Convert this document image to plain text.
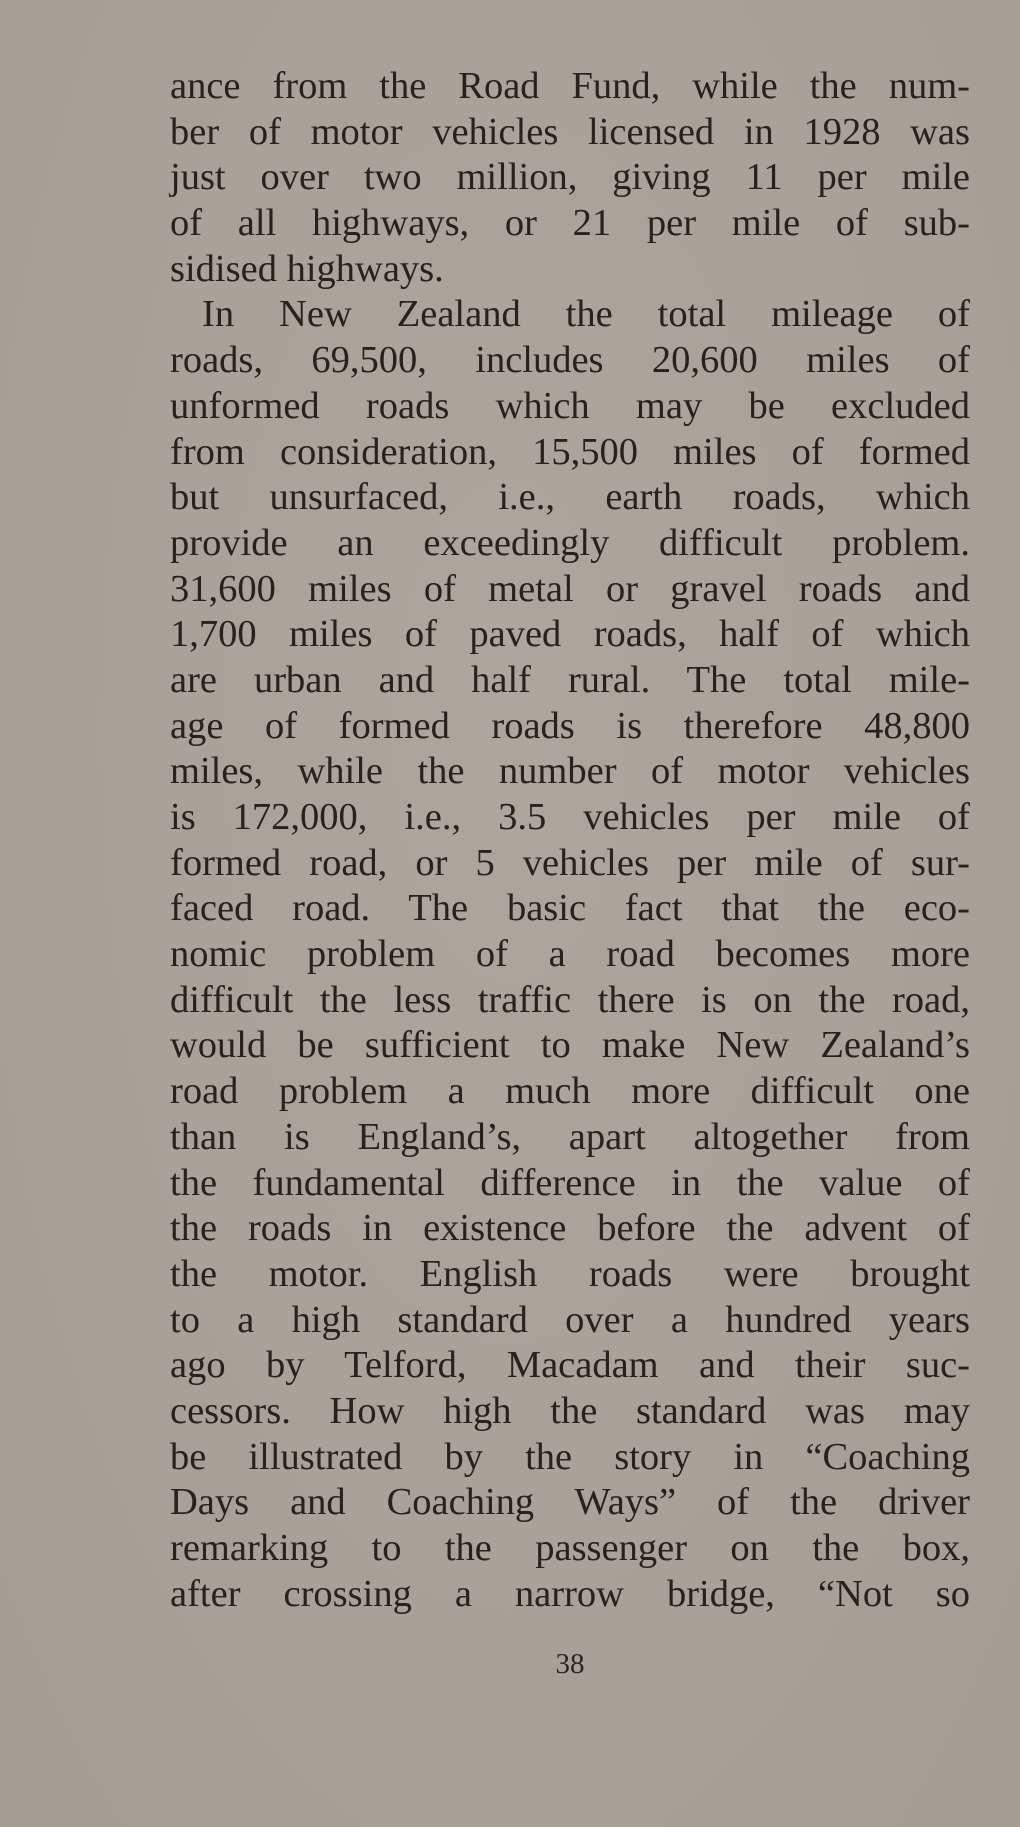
ance from the Road Fund, while the num-
ber of motor vehicles licensed in 1928 was
just over two million, giving 11 per mile
of all highways, or 21 per mile of sub-
sidised highways.
In New Zealand the total mileage of
roads, 69,500, includes 20,600 miles of
unformed roads which may be excluded
from consideration, 15,500 miles of formed
but unsurfaced, i.e., earth roads, which
provide an exceedingly difficult problem.
31,600 miles of metal or gravel roads and
1,700 miles of paved roads, half of which
are urban and half rural. The total mile-
age of formed roads is therefore 48,800
miles, while the number of motor vehicles
is 172,000, i.e., 3.5 vehicles per mile of
formed road, or 5 vehicles per mile of sur-
faced road. The basic fact that the eco-
nomic problem of a road becomes more
difficult the less traffic there is on the road,
would be sufficient to make New Zealand’s
road problem a much more difficult one
than is England’s, apart altogether from
the fundamental difference in the value of
the roads in existence before the advent of
the motor. English roads were brought
to a high standard over a hundred years
ago by Telford, Macadam and their suc-
cessors. How high the standard was may
be illustrated by the story in “Coaching
Days and Coaching Ways” of the driver
remarking to the passenger on the box,
after crossing a narrow bridge, “Not so
38
